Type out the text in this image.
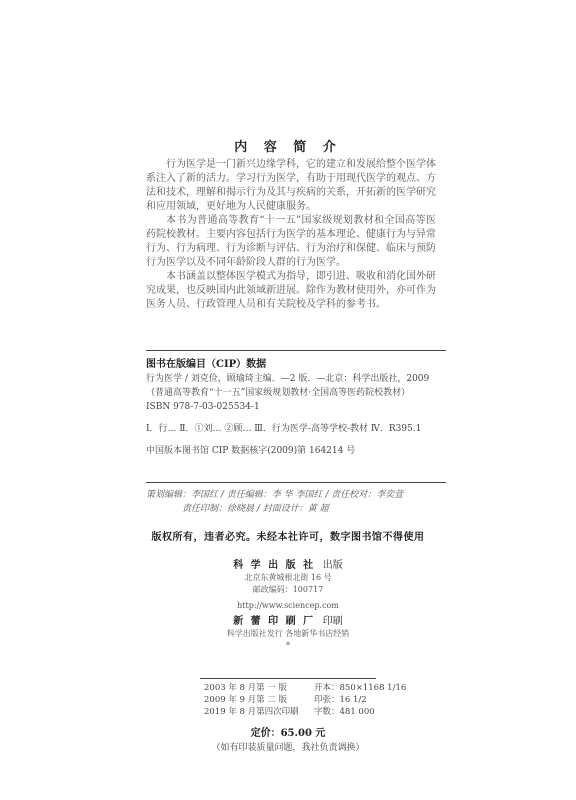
内 容 简 介

行为医学是一门新兴边缘学科，它的建立和发展给整个医学体系注入了新的活力。学习行为医学，有助于用现代医学的观点、方法和技术，理解和揭示行为及其与疾病的关系，开拓新的医学研究和应用领域，更好地为人民健康服务。

本书为普通高等教育“十一五”国家级规划教材和全国高等医药院校教材。主要内容包括行为医学的基本理论、健康行为与异常行为、行为病理、行为诊断与评估、行为治疗和保健、临床与预防行为医学以及不同年龄阶段人群的行为医学。

本书涵盖以整体医学模式为指导，即引进、吸收和消化国外研究成果，也反映国内此领域新进展。除作为教材使用外，亦可作为医务人员、行政管理人员和有关院校及学科的参考书。

图书在版编目（CIP）数据
行为医学 / 刘克俭，顾瑜琦主编．—2 版．—北京：科学出版社，2009
（普通高等教育“十一五”国家级规划教材·全国高等医药院校教材）
ISBN 978-7-03-025534-1
Ⅰ．行… Ⅱ．①刘… ②顾… Ⅲ．行为医学-高等学校-教材 Ⅳ．R395.1
中国版本图书馆 CIP 数据核字(2009)第 164214 号
策划编辑：李国红 / 责任编辑：李 华 李国红 / 责任校对：李奕萱
责任印制：徐晓晨 / 封面设计：黄 超
版权所有，违者必究。未经本社许可，数字图书馆不得使用
科 学 出 版 社 出版
北京东黄城根北街 16 号
邮政编码：100717
http://www.sciencep.com
新 蕾 印 刷 厂 印刷
科学出版社发行 各地新华书店经销
*
2003 年 8 月第 一 版	开本：850×1168 1/16
2009 年 9 月第 二 版	印张：16 1/2
2019 年 8 月第四次印刷	字数：481 000
定价：65.00 元
（如有印装质量问题，我社负责调换）
